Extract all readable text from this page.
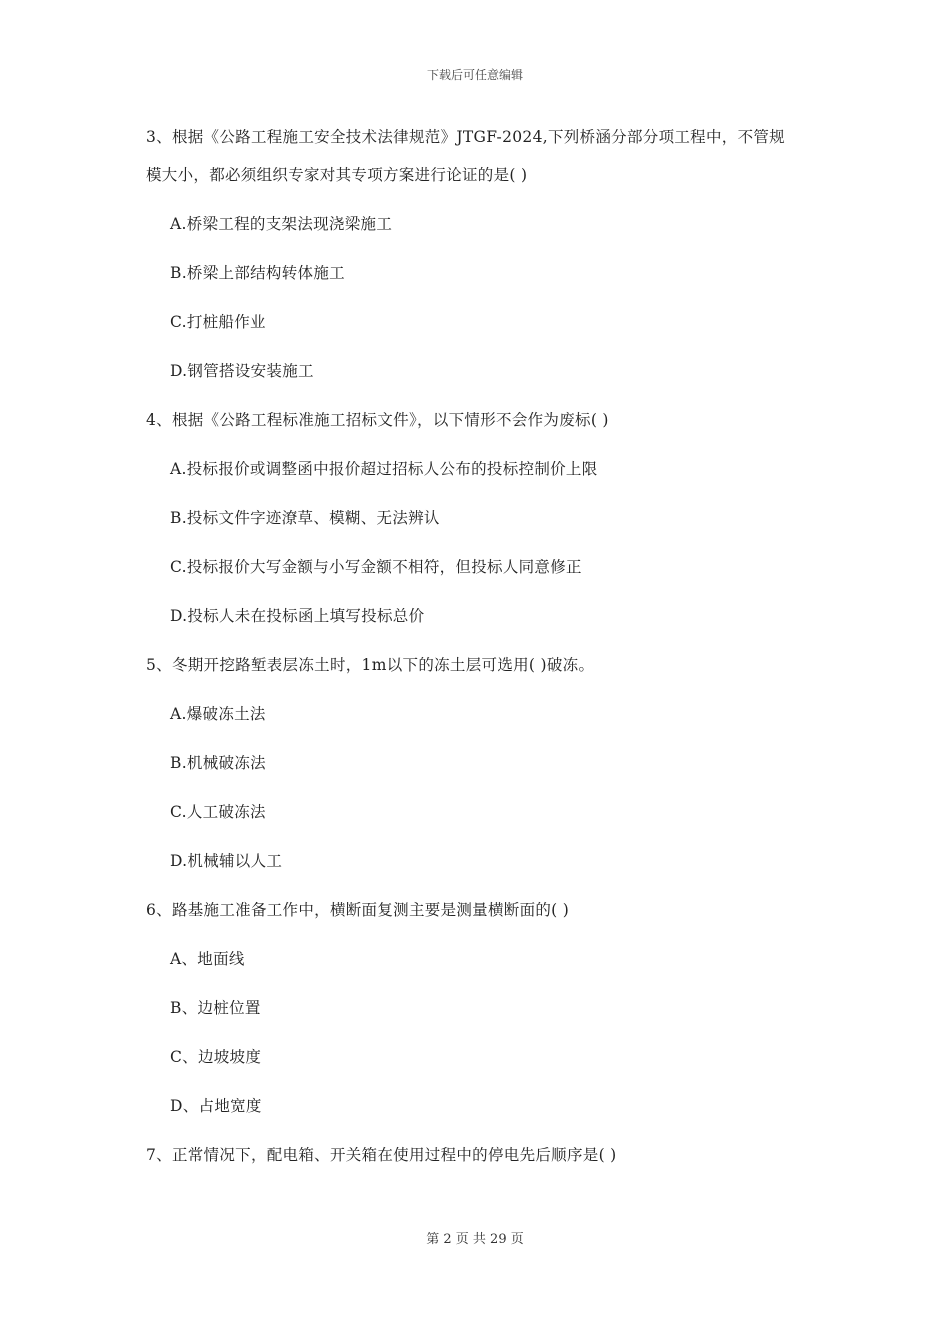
下载后可任意编辑

3、根据《公路工程施工安全技术法律规范》JTGF-2024,下列桥涵分部分项工程中，不管规

模大小，都必须组织专家对其专项方案进行论证的是( )

A.桥梁工程的支架法现浇梁施工

B.桥梁上部结构转体施工

C.打桩船作业

D.钢管搭设安装施工

4、根据《公路工程标准施工招标文件》，以下情形不会作为废标( )

A.投标报价或调整函中报价超过招标人公布的投标控制价上限

B.投标文件字迹潦草、模糊、无法辨认

C.投标报价大写金额与小写金额不相符，但投标人同意修正

D.投标人未在投标函上填写投标总价

5、冬期开挖路堑表层冻土时，1m以下的冻土层可选用( )破冻。

A.爆破冻土法

B.机械破冻法

C.人工破冻法

D.机械辅以人工

6、路基施工准备工作中，横断面复测主要是测量横断面的( )

A、地面线

B、边桩位置

C、边坡坡度

D、占地宽度

7、正常情况下，配电箱、开关箱在使用过程中的停电先后顺序是( )

第 2 页 共 29 页
